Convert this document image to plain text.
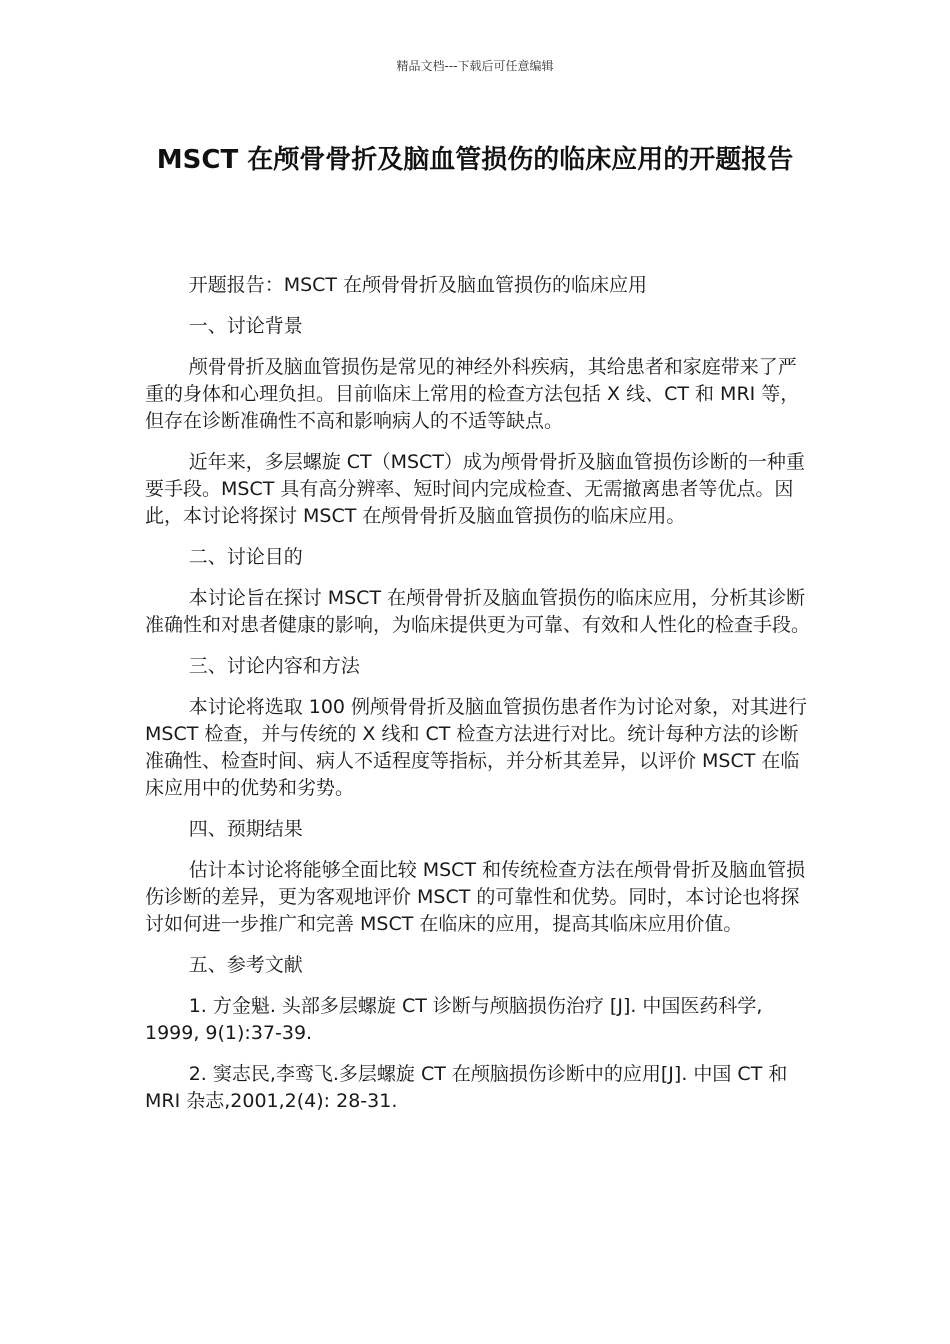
精品文档---下载后可任意编辑
MSCT 在颅骨骨折及脑血管损伤的临床应用的开题报告

开题报告：MSCT 在颅骨骨折及脑血管损伤的临床应用

一、讨论背景

颅骨骨折及脑血管损伤是常见的神经外科疾病，其给患者和家庭带来了严重的身体和心理负担。目前临床上常用的检查方法包括 X 线、CT 和 MRI 等，但存在诊断准确性不高和影响病人的不适等缺点。

近年来，多层螺旋 CT（MSCT）成为颅骨骨折及脑血管损伤诊断的一种重要手段。MSCT 具有高分辨率、短时间内完成检查、无需撤离患者等优点。因此，本讨论将探讨 MSCT 在颅骨骨折及脑血管损伤的临床应用。

二、讨论目的

本讨论旨在探讨 MSCT 在颅骨骨折及脑血管损伤的临床应用，分析其诊断准确性和对患者健康的影响，为临床提供更为可靠、有效和人性化的检查手段。

三、讨论内容和方法

本讨论将选取 100 例颅骨骨折及脑血管损伤患者作为讨论对象，对其进行 MSCT 检查，并与传统的 X 线和 CT 检查方法进行对比。统计每种方法的诊断准确性、检查时间、病人不适程度等指标，并分析其差异，以评价 MSCT 在临床应用中的优势和劣势。

四、预期结果

估计本讨论将能够全面比较 MSCT 和传统检查方法在颅骨骨折及脑血管损伤诊断的差异，更为客观地评价 MSCT 的可靠性和优势。同时，本讨论也将探讨如何进一步推广和完善 MSCT 在临床的应用，提高其临床应用价值。

五、参考文献

1. 方金魁. 头部多层螺旋 CT 诊断与颅脑损伤治疗 [J]. 中国医药科学, 1999, 9(1):37-39.

2. 窦志民,李鸾飞.多层螺旋 CT 在颅脑损伤诊断中的应用[J]. 中国 CT 和 MRI 杂志,2001,2(4): 28-31.
